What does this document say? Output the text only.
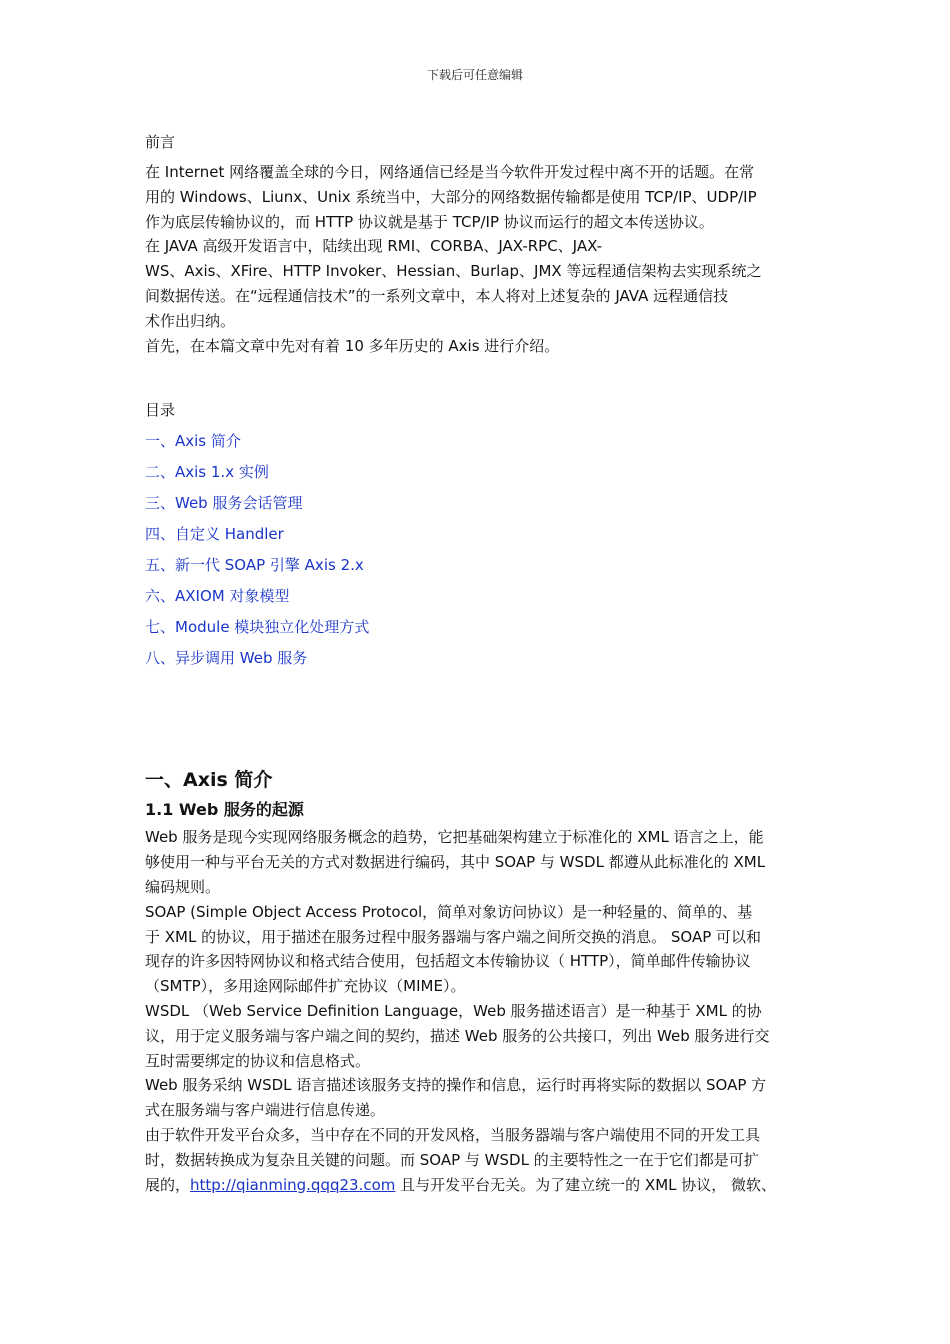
下载后可任意编辑

前言

在 Internet 网络覆盖全球的今日，网络通信已经是当今软件开发过程中离不开的话题。在常

用的 Windows、Liunx、Unix 系统当中，大部分的网络数据传输都是使用 TCP/IP、UDP/IP

作为底层传输协议的，而 HTTP 协议就是基于 TCP/IP 协议而运行的超文本传送协议。

在 JAVA 高级开发语言中，陆续出现 RMI、CORBA、JAX-RPC、JAX-

WS、Axis、XFire、HTTP Invoker、Hessian、Burlap、JMX 等远程通信架构去实现系统之

间数据传送。在“远程通信技术”的一系列文章中，本人将对上述复杂的 JAVA 远程通信技

术作出归纳。

首先，在本篇文章中先对有着 10 多年历史的 Axis 进行介绍。

目录

一、Axis 简介
二、Axis 1.x 实例
三、Web 服务会话管理
四、自定义 Handler
五、新一代 SOAP 引擎 Axis 2.x
六、AXIOM 对象模型
七、Module 模块独立化处理方式
八、异步调用 Web 服务
一、Axis 简介
1.1 Web 服务的起源

Web 服务是现今实现网络服务概念的趋势，它把基础架构建立于标准化的 XML 语言之上，能

够使用一种与平台无关的方式对数据进行编码，其中 SOAP 与 WSDL 都遵从此标准化的 XML

编码规则。

SOAP (Simple Object Access Protocol，简单对象访问协议）是一种轻量的、简单的、基

于 XML 的协议，用于描述在服务过程中服务器端与客户端之间所交换的消息。 SOAP 可以和

现存的许多因特网协议和格式结合使用，包括超文本传输协议（ HTTP），简单邮件传输协议

（SMTP），多用途网际邮件扩充协议（MIME）。

WSDL （Web Service Definition Language，Web 服务描述语言）是一种基于 XML 的协

议，用于定义服务端与客户端之间的契约，描述 Web 服务的公共接口，列出 Web 服务进行交

互时需要绑定的协议和信息格式。

Web 服务采纳 WSDL 语言描述该服务支持的操作和信息，运行时再将实际的数据以 SOAP 方

式在服务端与客户端进行信息传递。

由于软件开发平台众多，当中存在不同的开发风格，当服务器端与客户端使用不同的开发工具

时，数据转换成为复杂且关键的问题。而 SOAP 与 WSDL 的主要特性之一在于它们都是可扩

展的，http://qianming.qqq23.com 且与开发平台无关。为了建立统一的 XML 协议， 微软、
